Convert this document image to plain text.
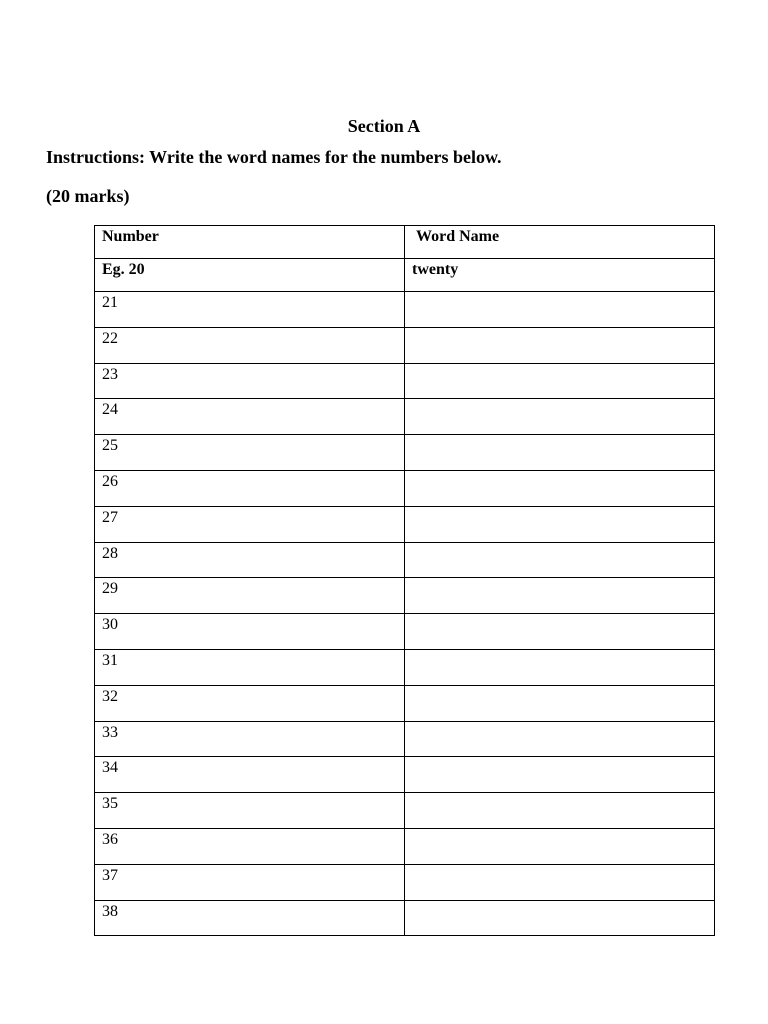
Section A
Instructions: Write the word names for the numbers below.
(20 marks)
Number	Word Name
Eg. 20	twenty
21	
22	
23	
24	
25	
26	
27	
28	
29	
30	
31	
32	
33	
34	
35	
36	
37	
38	
